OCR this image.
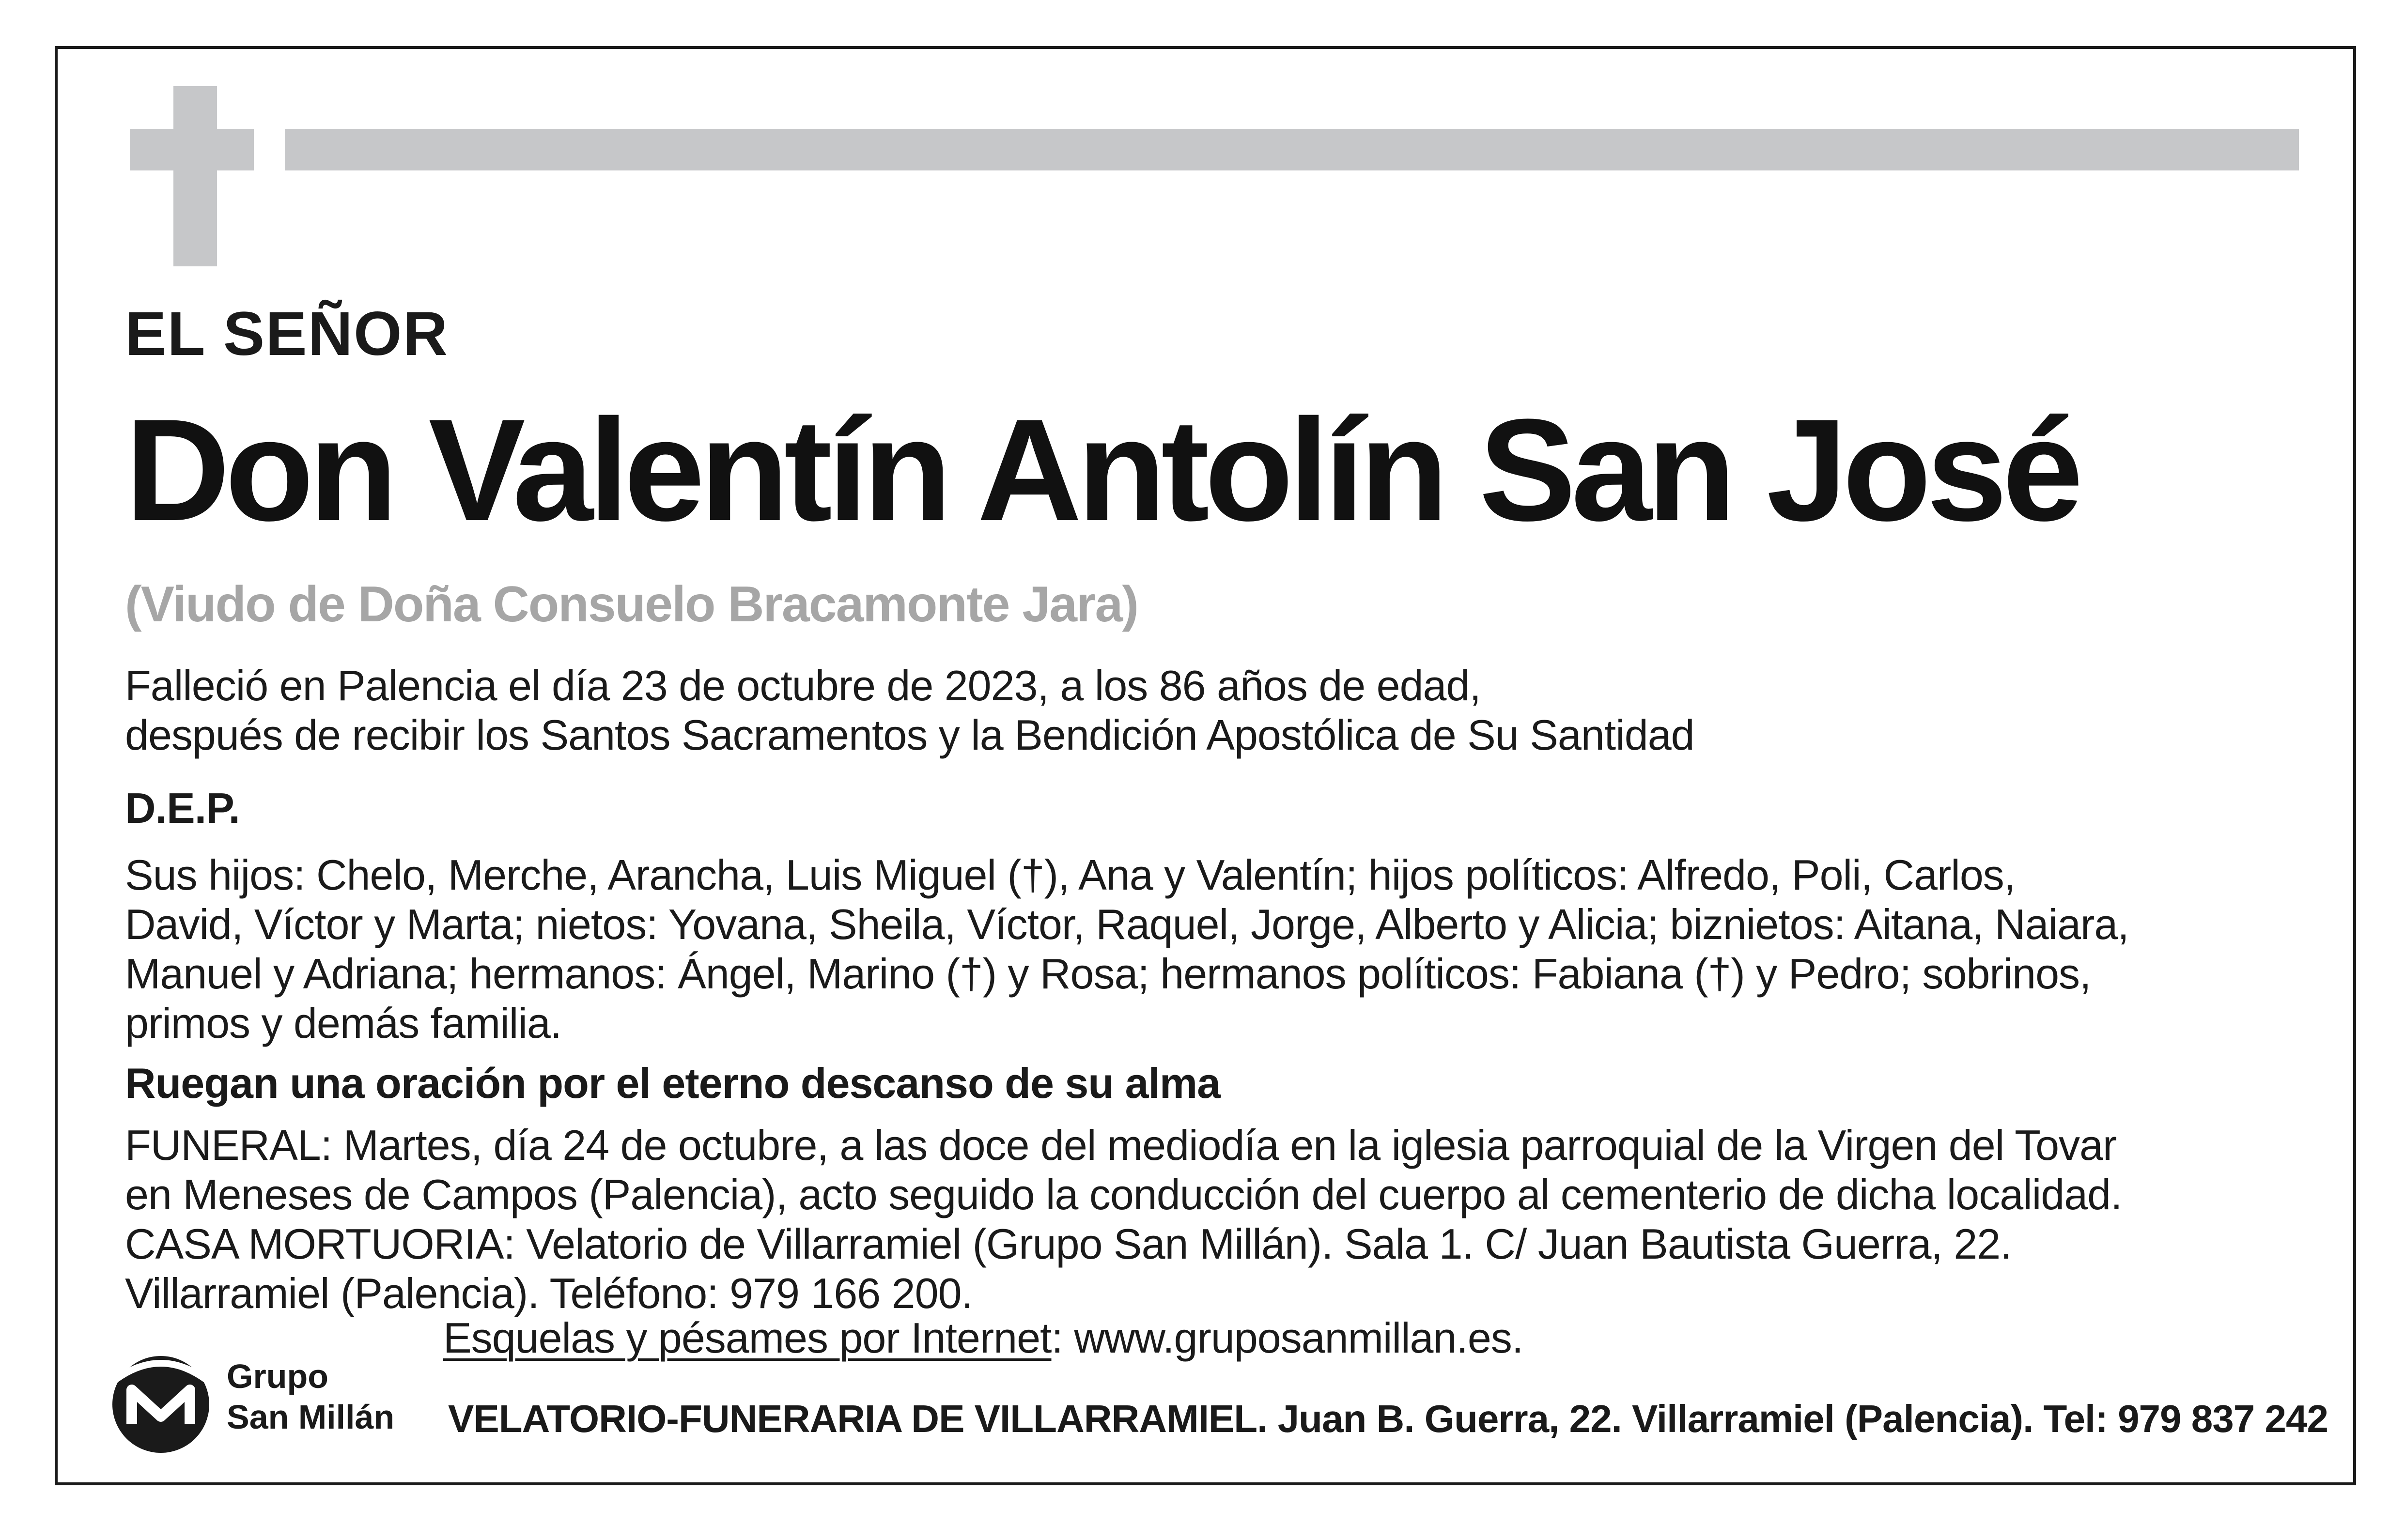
EL SEÑOR

Don Valentín Antolín San José

(Viudo de Doña Consuelo Bracamonte Jara)

Falleció en Palencia el día 23 de octubre de 2023, a los 86 años de edad,

después de recibir los Santos Sacramentos y la Bendición Apostólica de Su Santidad

D.E.P.

Sus hijos: Chelo, Merche, Arancha, Luis Miguel (†), Ana y Valentín; hijos políticos: Alfredo, Poli, Carlos,

David, Víctor y Marta; nietos: Yovana, Sheila, Víctor, Raquel, Jorge, Alberto y Alicia; biznietos: Aitana, Naiara,

Manuel y Adriana; hermanos: Ángel, Marino (†) y Rosa; hermanos políticos: Fabiana (†) y Pedro; sobrinos,

primos y demás familia.

Ruegan una oración por el eterno descanso de su alma

FUNERAL: Martes, día 24 de octubre, a las doce del mediodía en la iglesia parroquial de la Virgen del Tovar

en Meneses de Campos (Palencia), acto seguido la conducción del cuerpo al cementerio de dicha localidad.

CASA MORTUORIA: Velatorio de Villarramiel (Grupo San Millán). Sala 1. C/ Juan Bautista Guerra, 22.

Villarramiel (Palencia). Teléfono: 979 166 200.

Esquelas y pésames por Internet: www.gruposanmillan.es.
Grupo
San Millán VELATORIO-FUNERARIA DE VILLARRAMIEL. Juan B. Guerra, 22. Villarramiel (Palencia). Tel: 979 837 242
